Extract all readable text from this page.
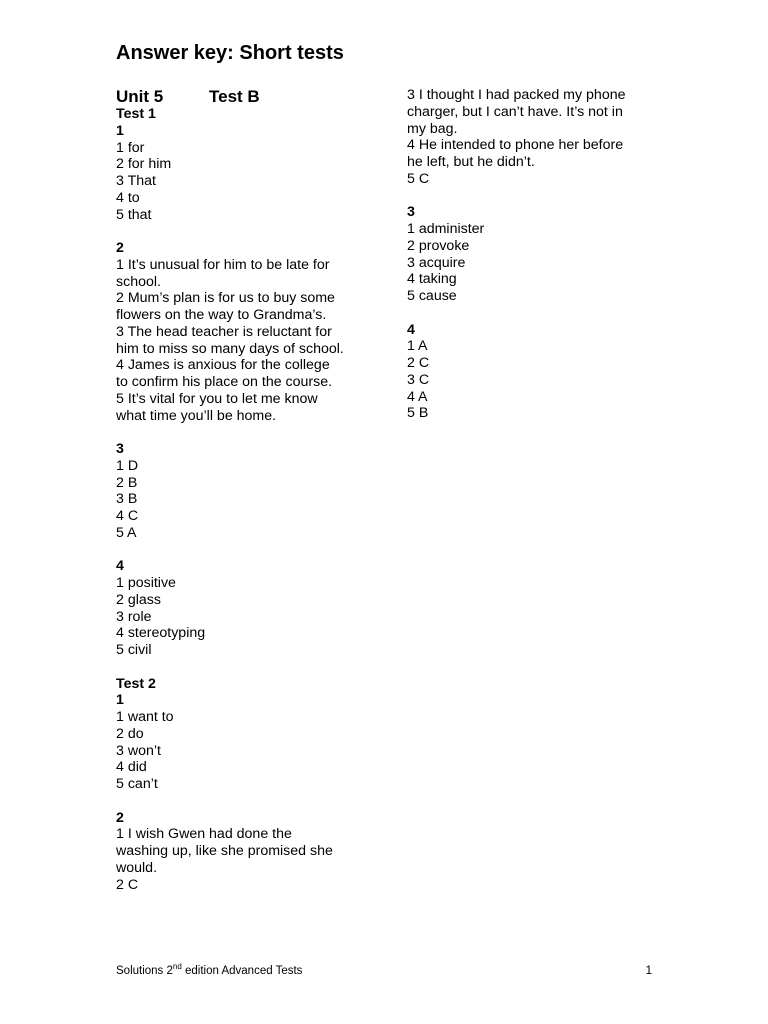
Answer key: Short tests
Unit 5	Test B
Test 1
1
1 for
2 for him
3 That
4 to
5 that
2
1 It’s unusual for him to be late for
school.
2 Mum’s plan is for us to buy some
flowers on the way to Grandma’s.
3 The head teacher is reluctant for
him to miss so many days of school.
4 James is anxious for the college
to confirm his place on the course.
5 It’s vital for you to let me know
what time you’ll be home.
3
1 D
2 B
3 B
4 C
5 A
4
1 positive
2 glass
3 role
4 stereotyping
5 civil
Test 2
1
1 want to
2 do
3 won’t
4 did
5 can’t
2
1 I wish Gwen had done the
washing up, like she promised she
would.
2 C
3 I thought I had packed my phone
charger, but I can’t have. It’s not in
my bag.
4 He intended to phone her before
he left, but he didn’t.
5 C
3
1 administer
2 provoke
3 acquire
4 taking
5 cause
4
1 A
2 C
3 C
4 A
5 B
Solutions 2nd edition Advanced Tests	1
